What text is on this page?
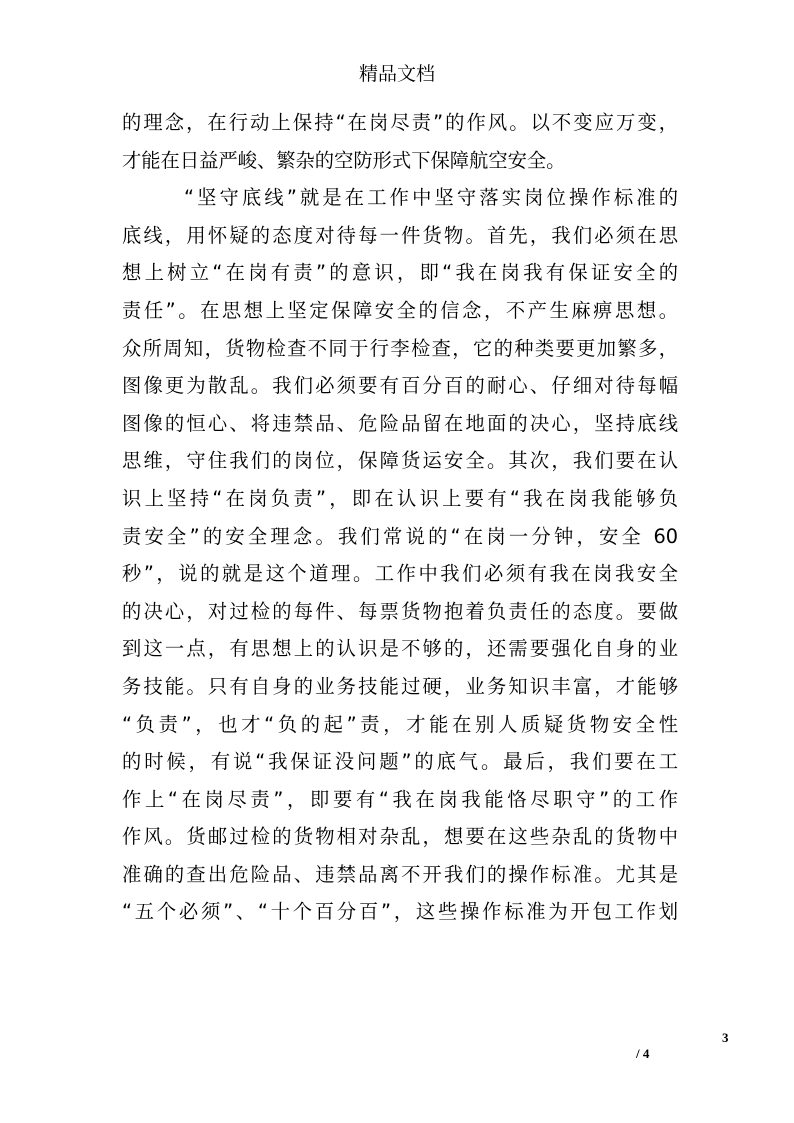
精品文档
的理念，在行动上保持“在岗尽责”的作风。以不变应万变，
才能在日益严峻、繁杂的空防形式下保障航空安全。
“坚守底线”就是在工作中坚守落实岗位操作标准的
底线，用怀疑的态度对待每一件货物。首先，我们必须在思
想上树立“在岗有责”的意识，即“我在岗我有保证安全的
责任”。在思想上坚定保障安全的信念，不产生麻痹思想。
众所周知，货物检查不同于行李检查，它的种类要更加繁多，
图像更为散乱。我们必须要有百分百的耐心、仔细对待每幅
图像的恒心、将违禁品、危险品留在地面的决心，坚持底线
思维，守住我们的岗位，保障货运安全。其次，我们要在认
识上坚持“在岗负责”，即在认识上要有“我在岗我能够负
责安全”的安全理念。我们常说的“在岗一分钟，安全 60
秒”，说的就是这个道理。工作中我们必须有我在岗我安全
的决心，对过检的每件、每票货物抱着负责任的态度。要做
到这一点，有思想上的认识是不够的，还需要强化自身的业
务技能。只有自身的业务技能过硬，业务知识丰富，才能够
“负责”，也才“负的起”责，才能在别人质疑货物安全性
的时候，有说“我保证没问题”的底气。最后，我们要在工
作上“在岗尽责”，即要有“我在岗我能恪尽职守”的工作
作风。货邮过检的货物相对杂乱，想要在这些杂乱的货物中
准确的查出危险品、违禁品离不开我们的操作标准。尤其是
“五个必须”、“十个百分百”，这些操作标准为开包工作划
3
/ 4
